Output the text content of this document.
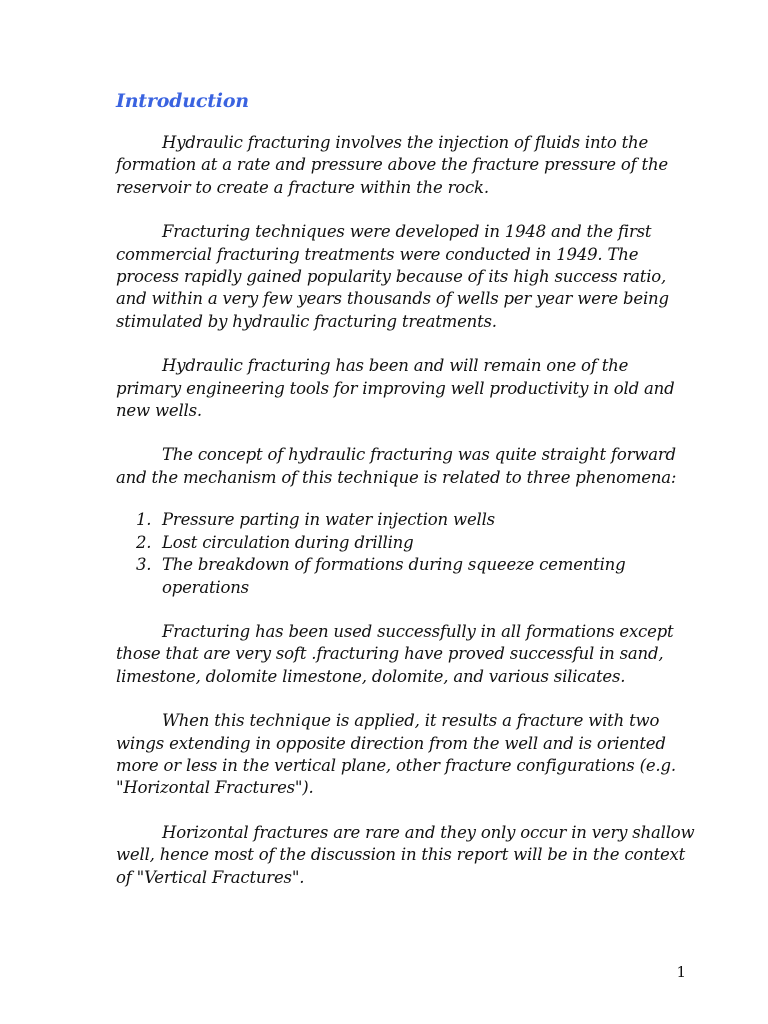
Introduction

Hydraulic fracturing involves the injection of fluids into the formation at a rate and pressure above the fracture pressure of the reservoir to create a fracture within the rock.

Fracturing techniques were developed in 1948 and the first commercial fracturing treatments were conducted in 1949. The process rapidly gained popularity because of its high success ratio, and within a very few years thousands of wells per year were being stimulated by hydraulic fracturing treatments.

Hydraulic fracturing has been and will remain one of the primary engineering tools for improving well productivity in old and new wells.

The concept of hydraulic fracturing was quite straight forward and the mechanism of this technique is related to three phenomena:

1. Pressure parting in water injection wells
2. Lost circulation during drilling
3. The breakdown of formations during squeeze cementing operations

Fracturing has been used successfully in all formations except those that are very soft .fracturing have proved successful in sand, limestone, dolomite limestone, dolomite, and various silicates.

When this technique is applied, it results a fracture with two wings extending in opposite direction from the well and is oriented more or less in the vertical plane, other fracture configurations (e.g. "Horizontal Fractures").

Horizontal fractures are rare and they only occur in very shallow well, hence most of the discussion in this report will be in the context of "Vertical Fractures".

1
